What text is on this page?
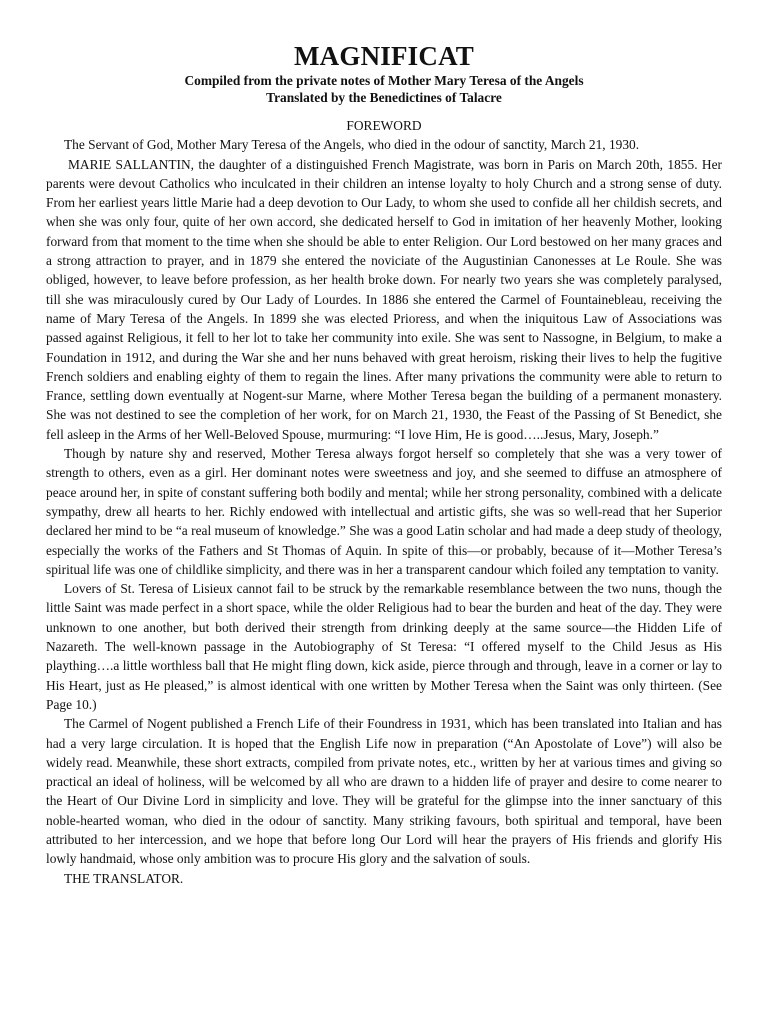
MAGNIFICAT
Compiled from the private notes of Mother Mary Teresa of the Angels
Translated by the Benedictines of Talacre
FOREWORD

The Servant of God, Mother Mary Teresa of the Angels, who died in the odour of sanctity, March 21, 1930.

MARIE SALLANTIN, the daughter of a distinguished French Magistrate, was born in Paris on March 20th, 1855. Her parents were devout Catholics who inculcated in their children an intense loyalty to holy Church and a strong sense of duty. From her earliest years little Marie had a deep devotion to Our Lady, to whom she used to confide all her childish secrets, and when she was only four, quite of her own accord, she dedicated herself to God in imitation of her heavenly Mother, looking forward from that moment to the time when she should be able to enter Religion. Our Lord bestowed on her many graces and a strong attraction to prayer, and in 1879 she entered the noviciate of the Augustinian Canonesses at Le Roule. She was obliged, however, to leave before profession, as her health broke down. For nearly two years she was completely paralysed, till she was miraculously cured by Our Lady of Lourdes. In 1886 she entered the Carmel of Fountainebleau, receiving the name of Mary Teresa of the Angels. In 1899 she was elected Prioress, and when the iniquitous Law of Associations was passed against Religious, it fell to her lot to take her community into exile. She was sent to Nassogne, in Belgium, to make a Foundation in 1912, and during the War she and her nuns behaved with great heroism, risking their lives to help the fugitive French soldiers and enabling eighty of them to regain the lines. After many privations the community were able to return to France, settling down eventually at Nogent-sur Marne, where Mother Teresa began the building of a permanent monastery. She was not destined to see the completion of her work, for on March 21, 1930, the Feast of the Passing of St Benedict, she fell asleep in the Arms of her Well-Beloved Spouse, murmuring: “I love Him, He is good…..Jesus, Mary, Joseph.”

Though by nature shy and reserved, Mother Teresa always forgot herself so completely that she was a very tower of strength to others, even as a girl. Her dominant notes were sweetness and joy, and she seemed to diffuse an atmosphere of peace around her, in spite of constant suffering both bodily and mental; while her strong personality, combined with a delicate sympathy, drew all hearts to her. Richly endowed with intellectual and artistic gifts, she was so well-read that her Superior declared her mind to be “a real museum of knowledge.” She was a good Latin scholar and had made a deep study of theology, especially the works of the Fathers and St Thomas of Aquin. In spite of this—or probably, because of it—Mother Teresa’s spiritual life was one of childlike simplicity, and there was in her a transparent candour which foiled any temptation to vanity.

Lovers of St. Teresa of Lisieux cannot fail to be struck by the remarkable resemblance between the two nuns, though the little Saint was made perfect in a short space, while the older Religious had to bear the burden and heat of the day. They were unknown to one another, but both derived their strength from drinking deeply at the same source—the Hidden Life of Nazareth. The well-known passage in the Autobiography of St Teresa: “I offered myself to the Child Jesus as His plaything….a little worthless ball that He might fling down, kick aside, pierce through and through, leave in a corner or lay to His Heart, just as He pleased,” is almost identical with one written by Mother Teresa when the Saint was only thirteen. (See Page 10.)

The Carmel of Nogent published a French Life of their Foundress in 1931, which has been translated into Italian and has had a very large circulation. It is hoped that the English Life now in preparation (“An Apostolate of Love”) will also be widely read. Meanwhile, these short extracts, compiled from private notes, etc., written by her at various times and giving so practical an ideal of holiness, will be welcomed by all who are drawn to a hidden life of prayer and desire to come nearer to the Heart of Our Divine Lord in simplicity and love. They will be grateful for the glimpse into the inner sanctuary of this noble-hearted woman, who died in the odour of sanctity. Many striking favours, both spiritual and temporal, have been attributed to her intercession, and we hope that before long Our Lord will hear the prayers of His friends and glorify His lowly handmaid, whose only ambition was to procure His glory and the salvation of souls.

THE TRANSLATOR.
